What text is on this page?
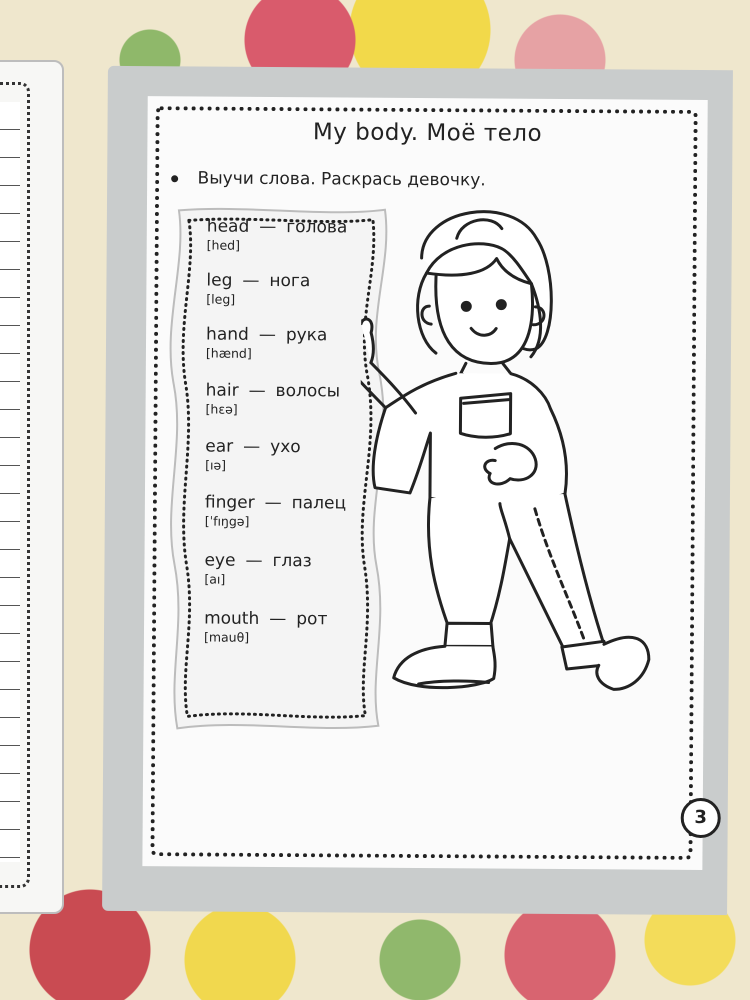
My body. Моё тело
Выучи слова. Раскрась девочку.
head — голова
[hed]
leg — нога
[leg]
hand — рука
[hænd]
hair — волосы
[hɛə]
ear — ухо
[ıə]
finger — палец
[ˈfıŋgə]
eye — глаз
[aı]
mouth — рот
[mauθ]
3
